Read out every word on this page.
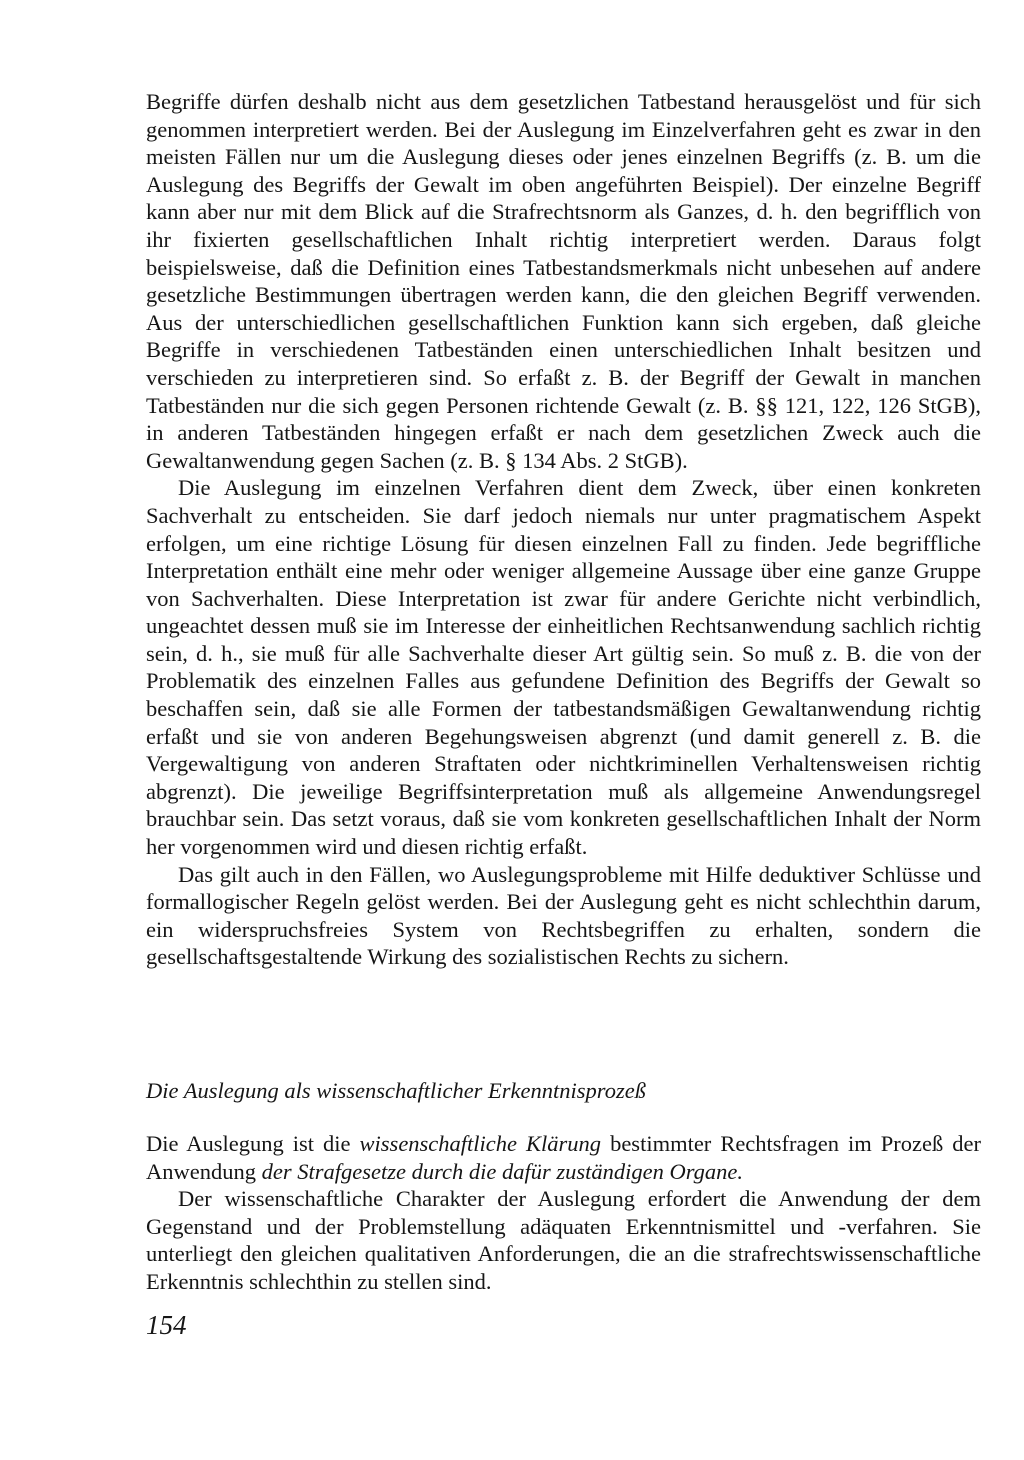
Begriffe dürfen deshalb nicht aus dem gesetzlichen Tatbestand herausgelöst und für sich genommen interpretiert werden. Bei der Auslegung im Einzelverfahren geht es zwar in den meisten Fällen nur um die Auslegung dieses oder jenes einzelnen Begriffs (z. B. um die Auslegung des Begriffs der Gewalt im oben angeführten Beispiel). Der einzelne Begriff kann aber nur mit dem Blick auf die Strafrechtsnorm als Ganzes, d. h. den begrifflich von ihr fixierten gesellschaftlichen Inhalt richtig interpretiert werden. Daraus folgt beispielsweise, daß die Definition eines Tatbestandsmerkmals nicht unbesehen auf andere gesetzliche Bestimmungen übertragen werden kann, die den gleichen Begriff verwenden. Aus der unterschiedlichen gesellschaftlichen Funktion kann sich ergeben, daß gleiche Begriffe in verschiedenen Tatbeständen einen unterschiedlichen Inhalt besitzen und verschieden zu interpretieren sind. So erfaßt z. B. der Begriff der Gewalt in manchen Tatbeständen nur die sich gegen Personen richtende Gewalt (z. B. §§ 121, 122, 126 StGB), in anderen Tatbeständen hingegen erfaßt er nach dem gesetzlichen Zweck auch die Gewaltanwendung gegen Sachen (z. B. § 134 Abs. 2 StGB).

Die Auslegung im einzelnen Verfahren dient dem Zweck, über einen konkreten Sachverhalt zu entscheiden. Sie darf jedoch niemals nur unter pragmatischem Aspekt erfolgen, um eine richtige Lösung für diesen einzelnen Fall zu finden. Jede begriffliche Interpretation enthält eine mehr oder weniger allgemeine Aussage über eine ganze Gruppe von Sachverhalten. Diese Interpretation ist zwar für andere Gerichte nicht verbindlich, ungeachtet dessen muß sie im Interesse der einheitlichen Rechtsanwendung sachlich richtig sein, d. h., sie muß für alle Sachverhalte dieser Art gültig sein. So muß z. B. die von der Problematik des einzelnen Falles aus gefundene Definition des Begriffs der Gewalt so beschaffen sein, daß sie alle Formen der tatbestandsmäßigen Gewaltanwendung richtig erfaßt und sie von anderen Begehungsweisen abgrenzt (und damit generell z. B. die Vergewaltigung von anderen Straftaten oder nichtkriminellen Verhaltensweisen richtig abgrenzt). Die jeweilige Begriffsinterpretation muß als allgemeine Anwendungsregel brauchbar sein. Das setzt voraus, daß sie vom konkreten gesellschaftlichen Inhalt der Norm her vorgenommen wird und diesen richtig erfaßt.

Das gilt auch in den Fällen, wo Auslegungsprobleme mit Hilfe deduktiver Schlüsse und formallogischer Regeln gelöst werden. Bei der Auslegung geht es nicht schlechthin darum, ein widerspruchsfreies System von Rechtsbegriffen zu erhalten, sondern die gesellschaftsgestaltende Wirkung des sozialistischen Rechts zu sichern.

Die Auslegung als wissenschaftlicher Erkenntnisprozeß

Die Auslegung ist die wissenschaftliche Klärung bestimmter Rechtsfragen im Prozeß der Anwendung der Strafgesetze durch die dafür zuständigen Organe.

Der wissenschaftliche Charakter der Auslegung erfordert die Anwendung der dem Gegenstand und der Problemstellung adäquaten Erkenntnismittel und -verfahren. Sie unterliegt den gleichen qualitativen Anforderungen, die an die strafrechtswissenschaftliche Erkenntnis schlechthin zu stellen sind.

154
